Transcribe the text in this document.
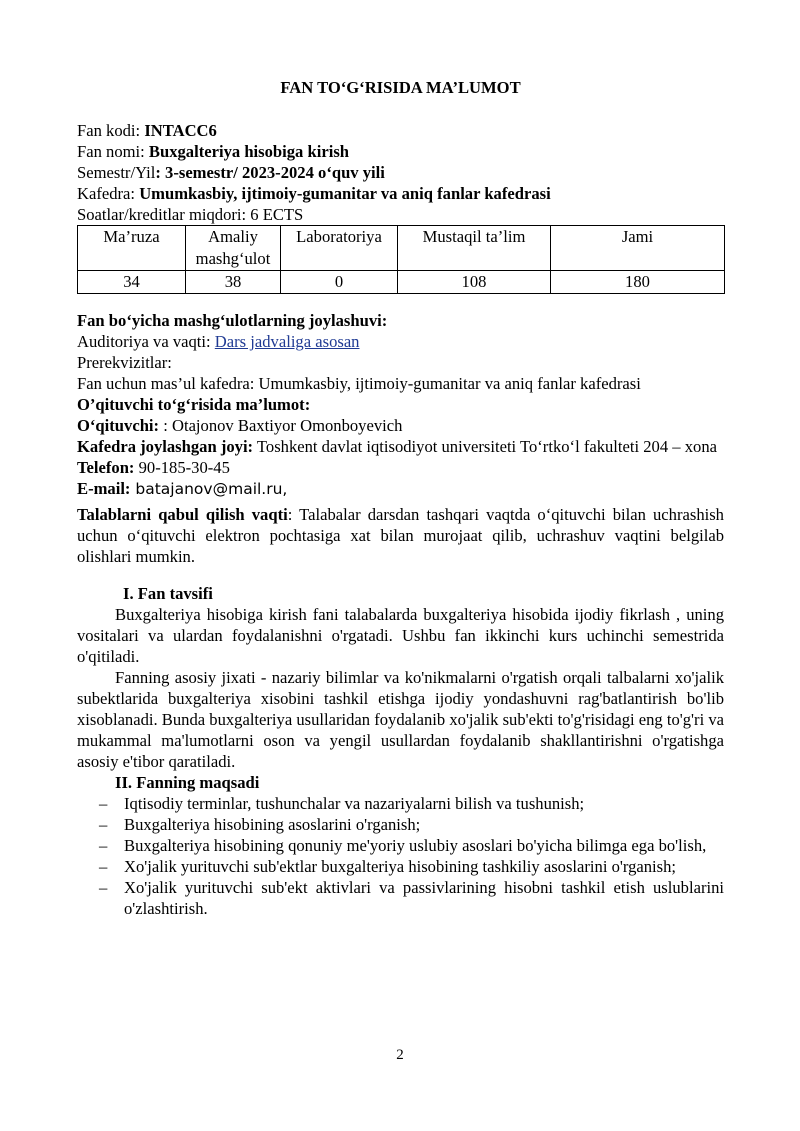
FAN TO‘G‘RISIDA MA’LUMOT

Fan kodi: INTACC6

Fan nomi: Buxgalteriya hisobiga kirish

Semestr/Yil: 3-semestr/ 2023-2024 o‘quv yili

Kafedra: Umumkasbiy, ijtimoiy-gumanitar va aniq fanlar kafedrasi

Soatlar/kreditlar miqdori: 6 ECTS

Ma’ruza	Amaliy mashg‘ulot	Laboratoriya	Mustaqil ta’lim	Jami
34	38	0	108	180

Fan bo‘yicha mashg‘ulotlarning joylashuvi:

Auditoriya va vaqti: Dars jadvaliga asosan

Prerekvizitlar:

Fan uchun mas’ul kafedra: Umumkasbiy, ijtimoiy-gumanitar va aniq fanlar kafedrasi

O’qituvchi to‘g‘risida ma’lumot:

O‘qituvchi: : Otajonov Baxtiyor Omonboyevich

Kafedra joylashgan joyi: Toshkent davlat iqtisodiyot universiteti To‘rtko‘l fakulteti 204 – xona

Telefon: 90-185-30-45

E-mail: batajanov@mail.ru,

Talablarni qabul qilish vaqti: Talabalar darsdan tashqari vaqtda o‘qituvchi bilan uchrashish uchun o‘qituvchi elektron pochtasiga xat bilan murojaat qilib, uchrashuv vaqtini belgilab olishlari mumkin.

I. Fan tavsifi

Buxgalteriya hisobiga kirish fani talabalarda buxgalteriya hisobida ijodiy fikrlash , uning vositalari va ulardan foydalanishni o'rgatadi. Ushbu fan ikkinchi kurs uchinchi semestrida o'qitiladi.

Fanning asosiy jixati - nazariy bilimlar va ko'nikmalarni o'rgatish orqali talbalarni xo'jalik subektlarida buxgalteriya xisobini tashkil etishga ijodiy yondashuvni rag'batlantirish bo'lib xisoblanadi. Bunda buxgalteriya usullaridan foydalanib xo'jalik sub'ekti to'g'risidagi eng to'g'ri va mukammal ma'lumotlarni oson va yengil usullardan foydalanib shakllantirishni o'rgatishga asosiy e'tibor qaratiladi.

II. Fanning maqsadi

– Iqtisodiy terminlar, tushunchalar va nazariyalarni bilish va tushunish;
– Buxgalteriya hisobining asoslarini o'rganish;
– Buxgalteriya hisobining qonuniy me'yoriy uslubiy asoslari bo'yicha bilimga ega bo'lish,
– Xo'jalik yurituvchi sub'ektlar buxgalteriya hisobining tashkiliy asoslarini o'rganish;
– Xo'jalik yurituvchi sub'ekt aktivlari va passivlarining hisobni tashkil etish uslublarini o'zlashtirish.
2
